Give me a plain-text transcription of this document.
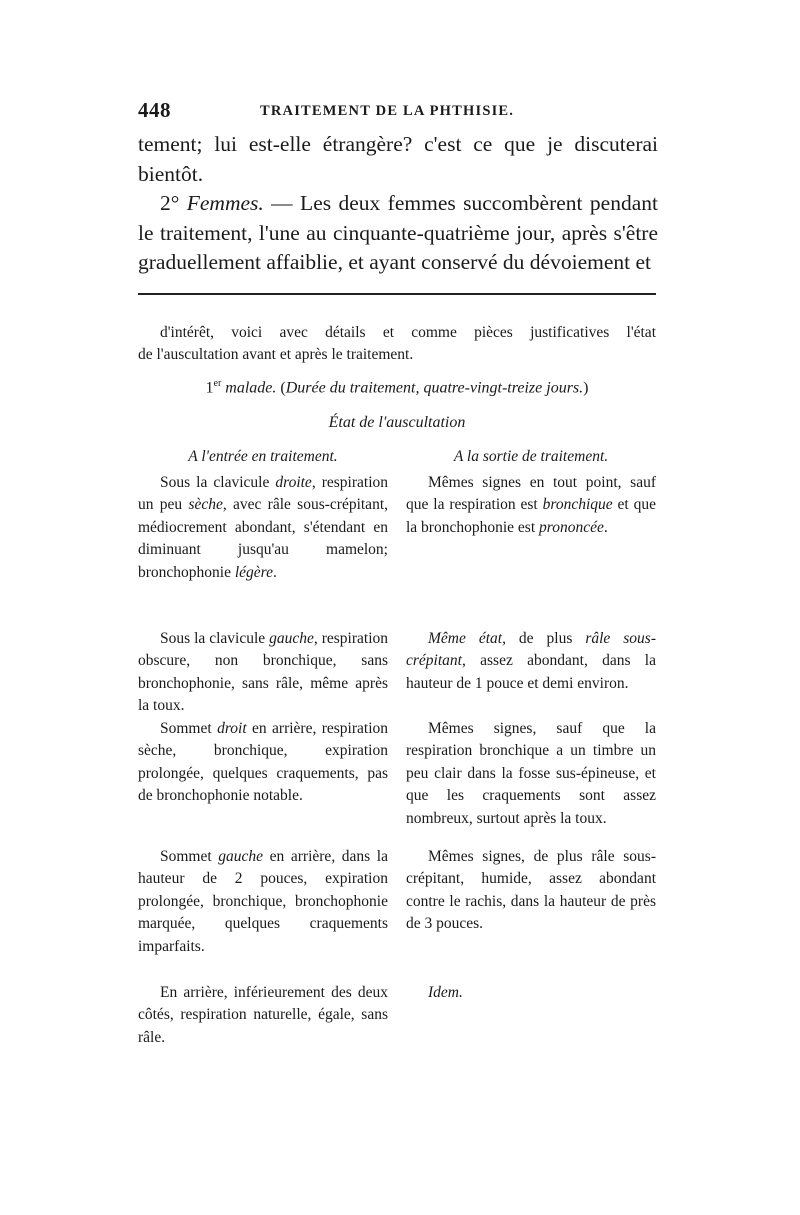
448	TRAITEMENT DE LA PHTHISIE.

tement; lui est-elle étrangère? c'est ce que je discuterai bientôt.

2° Femmes. — Les deux femmes succombèrent pendant le traitement, l'une au cinquante-quatrième jour, après s'être graduellement affaiblie, et ayant conservé du dévoiement et

d'intérêt, voici avec détails et comme pièces justificatives l'état

de l'auscultation avant et après le traitement.

1er malade. (Durée du traitement, quatre-vingt-treize jours.)
État de l'auscultation
A l'entrée en traitement.

Sous la clavicule droite, respiration un peu sèche, avec râle sous-crépitant, médiocrement abondant, s'étendant en diminuant jusqu'au mamelon; bronchophonie légère.

Sous la clavicule gauche, respiration obscure, non bronchique, sans bronchophonie, sans râle, même après la toux.

Sommet droit en arrière, respiration sèche, bronchique, expiration prolongée, quelques craquements, pas de bronchophonie notable.

Sommet gauche en arrière, dans la hauteur de 2 pouces, expiration prolongée, bronchique, bronchophonie marquée, quelques craquements imparfaits.

En arrière, inférieurement des deux côtés, respiration naturelle, égale, sans râle.

A la sortie de traitement.

Mêmes signes en tout point, sauf que la respiration est bronchique et que la bronchophonie est prononcée.

Même état, de plus râle sous-crépitant, assez abondant, dans la hauteur de 1 pouce et demi environ.

Mêmes signes, sauf que la respiration bronchique a un timbre un peu clair dans la fosse sus-épineuse, et que les craquements sont assez nombreux, surtout après la toux.

Mêmes signes, de plus râle sous-crépitant, humide, assez abondant contre le rachis, dans la hauteur de près de 3 pouces.

Idem.
